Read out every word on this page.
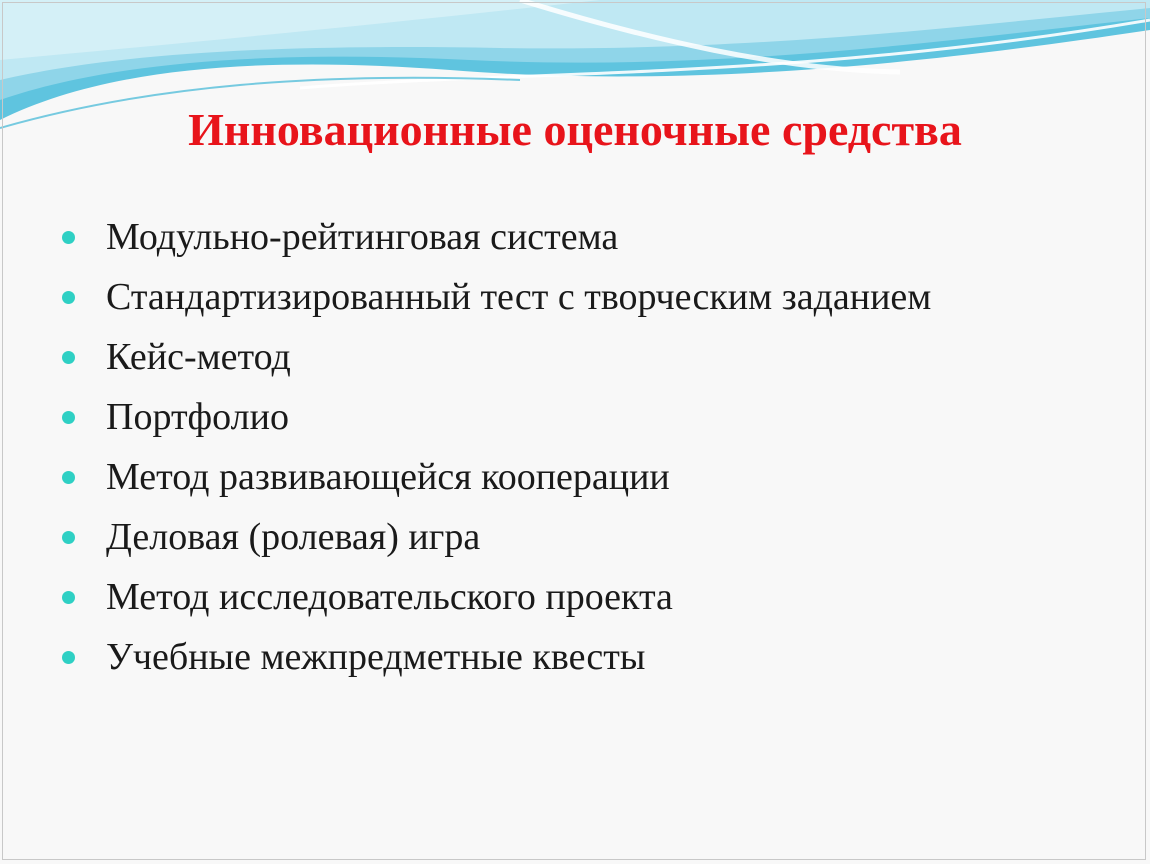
Инновационные оценочные средства
Модульно-рейтинговая система
Стандартизированный тест с творческим заданием
Кейс-метод
Портфолио
Метод развивающейся кооперации
Деловая (ролевая) игра
Метод исследовательского проекта
Учебные межпредметные квесты
